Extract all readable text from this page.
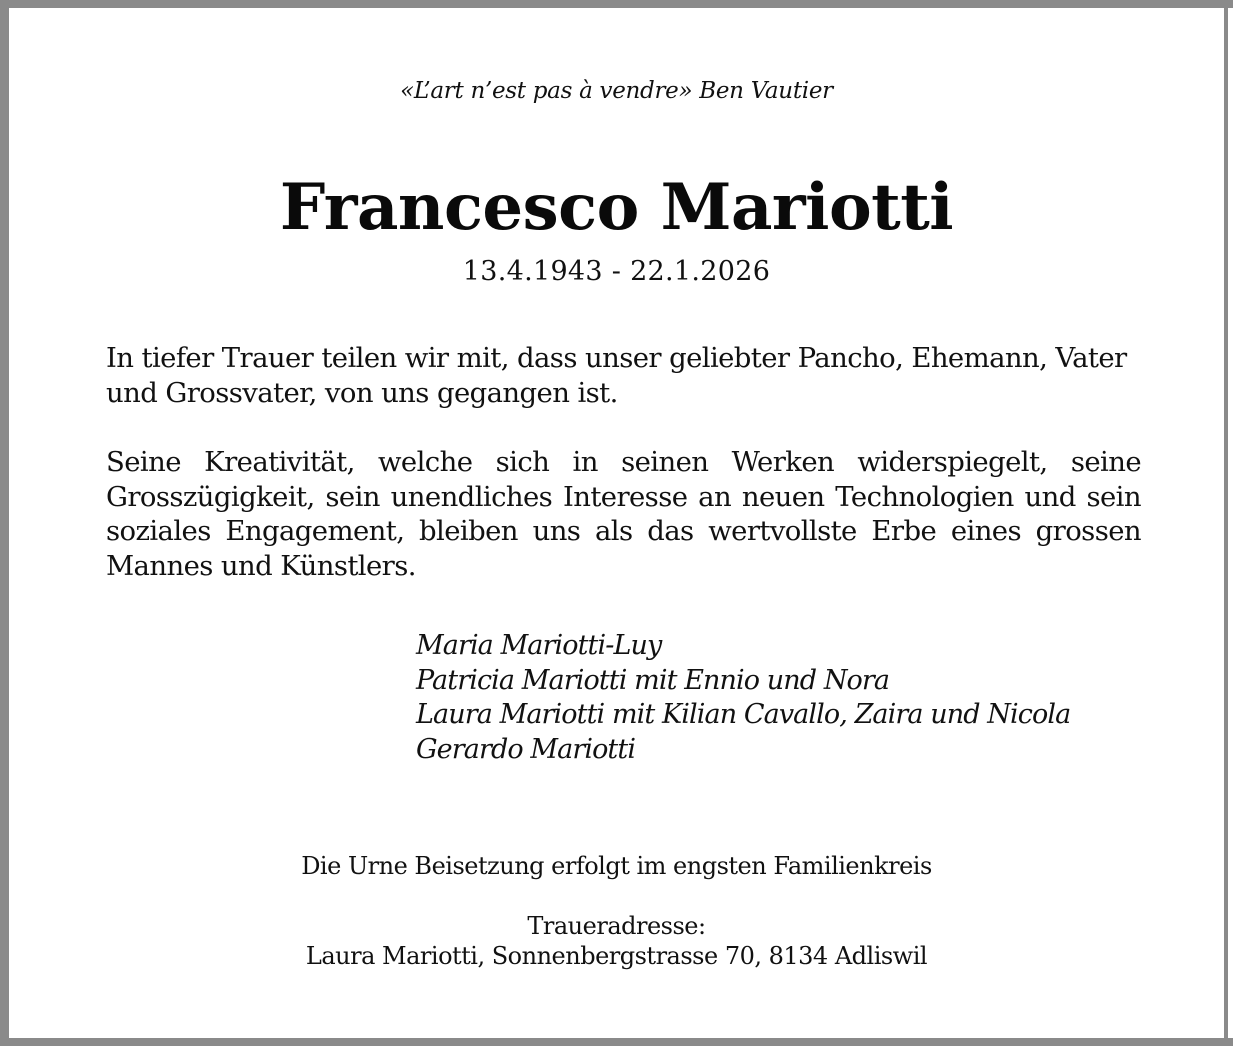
«L’art n’est pas à vendre» Ben Vautier
Francesco Mariotti
13.4.1943 - 22.1.2026
In tiefer Trauer teilen wir mit, dass unser geliebter Pancho, Ehemann, Vater und Grossvater, von uns gegangen ist.
Seine Kreativität, welche sich in seinen Werken widerspiegelt, seine Grosszügigkeit, sein unendliches Interesse an neuen Technologien und sein soziales Engagement, bleiben uns als das wertvollste Erbe eines grossen Mannes und Künstlers.
Maria Mariotti-Luy
Patricia Mariotti mit Ennio und Nora
Laura Mariotti mit Kilian Cavallo, Zaira und Nicola
Gerardo Mariotti
Die Urne Beisetzung erfolgt im engsten Familienkreis
Traueradresse:
Laura Mariotti, Sonnenbergstrasse 70, 8134 Adliswil
